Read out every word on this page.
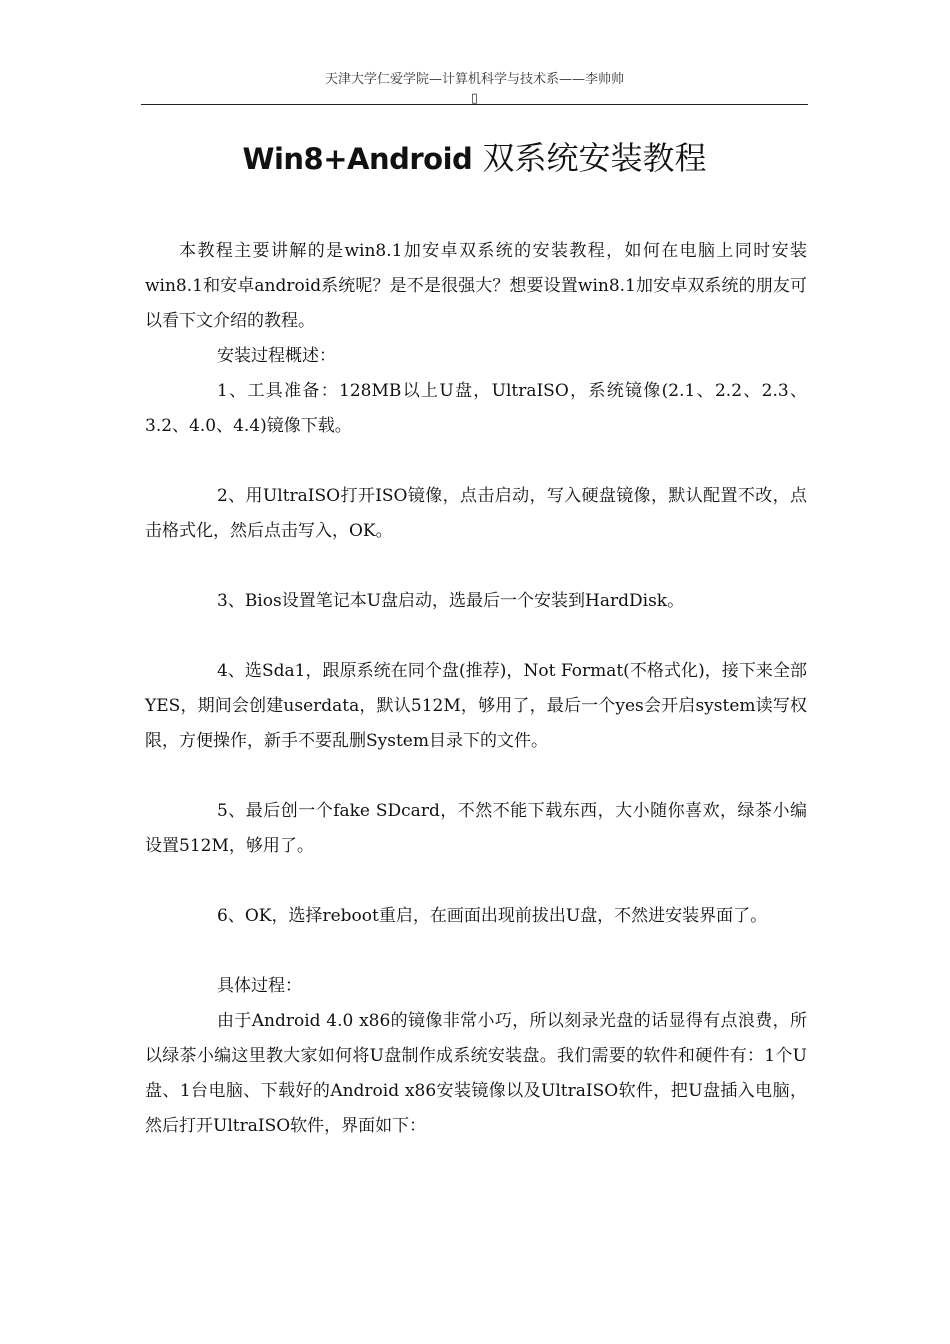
天津大学仁爱学院—计算机科学与技术系——李帅帅
▯
Win8+Android 双系统安装教程

本教程主要讲解的是win8.1加安卓双系统的安装教程，如何在电脑上同时安装win8.1和安卓android系统呢？是不是很强大？想要设置win8.1加安卓双系统的朋友可以看下文介绍的教程。

安装过程概述：

1、工具准备：128MB以上U盘，UltraISO，系统镜像(2.1、2.2、2.3、3.2、4.0、4.4)镜像下载。

2、用UltraISO打开ISO镜像，点击启动，写入硬盘镜像，默认配置不改，点击格式化，然后点击写入，OK。

3、Bios设置笔记本U盘启动，选最后一个安装到HardDisk。

4、选Sda1，跟原系统在同个盘(推荐)，Not Format(不格式化)，接下来全部YES，期间会创建userdata，默认512M，够用了，最后一个yes会开启system读写权限，方便操作，新手不要乱删System目录下的文件。

5、最后创一个fake SDcard，不然不能下载东西，大小随你喜欢，绿茶小编设置512M，够用了。

6、OK，选择reboot重启，在画面出现前拔出U盘，不然进安装界面了。

具体过程：

由于Android 4.0 x86的镜像非常小巧，所以刻录光盘的话显得有点浪费，所以绿茶小编这里教大家如何将U盘制作成系统安装盘。我们需要的软件和硬件有：1个U盘、1台电脑、下载好的Android x86安装镜像以及UltraISO软件，把U盘插入电脑，然后打开UltraISO软件，界面如下：
